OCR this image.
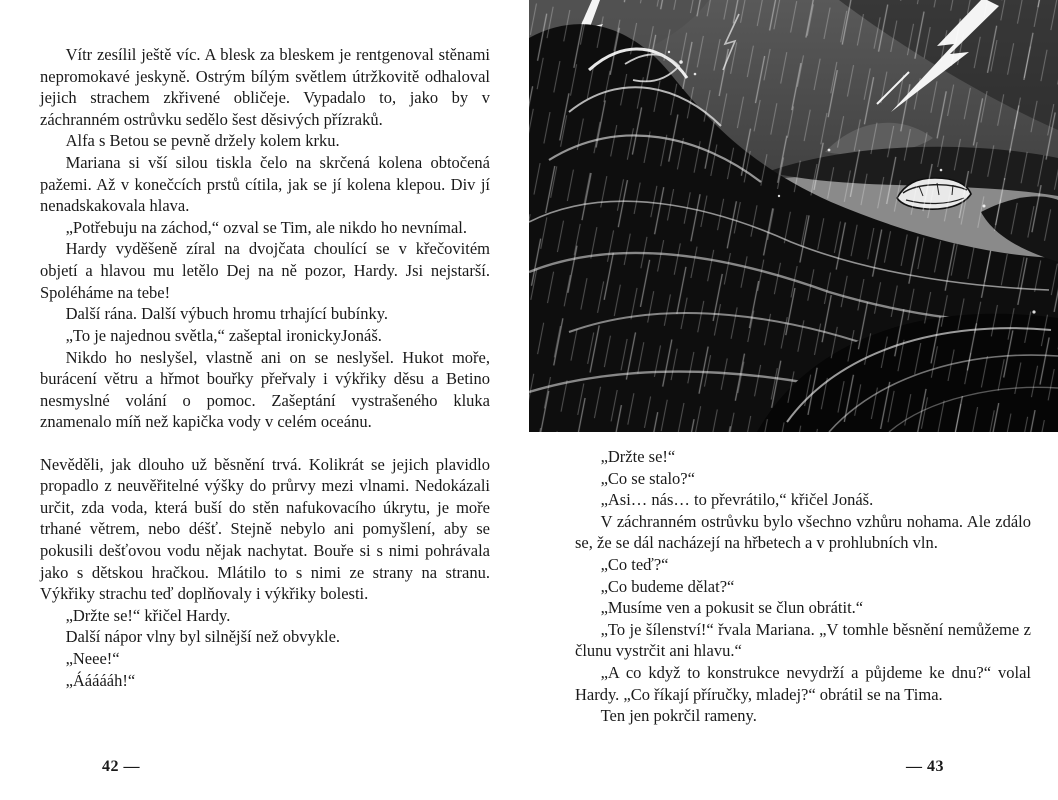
Vítr zesílil ještě víc. A blesk za bleskem je rentgenoval stěnami nepromokavé jeskyně. Ostrým bílým světlem útržkovitě odhaloval jejich strachem zkřivené obličeje. Vypadalo to, jako by v záchranném ostrůvku sedělo šest děsivých přízraků.

Alfa s Betou se pevně držely kolem krku.

Mariana si vší silou tiskla čelo na skrčená kolena obtočená pažemi. Až v konečcích prstů cítila, jak se jí kolena klepou. Div jí nenadskakovala hlava.

„Potřebuju na záchod,“ ozval se Tim, ale nikdo ho nevnímal.

Hardy vyděšeně zíral na dvojčata choulící se v křečovitém objetí a hlavou mu letělo Dej na ně pozor, Hardy. Jsi nejstarší. Spoléháme na tebe!

Další rána. Další výbuch hromu trhající bubínky.

„To je najednou světla,“ zašeptal ironickyJonáš.

Nikdo ho neslyšel, vlastně ani on se neslyšel. Hukot moře, burácení větru a hřmot bouřky přeřvaly i výkřiky děsu a Betino nesmyslné volání o pomoc. Zašeptání vystrašeného kluka znamenalo míň než kapička vody v celém oceánu.

Nevěděli, jak dlouho už běsnění trvá. Kolikrát se jejich plavidlo propadlo z neuvěřitelné výšky do průrvy mezi vlnami. Nedokázali určit, zda voda, která buší do stěn nafukovacího úkrytu, je moře trhané větrem, nebo déšť. Stejně nebylo ani pomyšlení, aby se pokusili dešťovou vodu nějak nachytat. Bouře si s nimi pohrávala jako s dětskou hračkou. Mlátilo to s nimi ze strany na stranu. Výkřiky strachu teď doplňovaly i výkřiky bolesti.

„Držte se!“ křičel Hardy.

Další nápor vlny byl silnější než obvykle.

„Neee!“

„Áááááh!“

„Držte se!“

„Co se stalo?“

„Asi… nás… to převrátilo,“ křičel Jonáš.

V záchranném ostrůvku bylo všechno vzhůru nohama. Ale zdálo se, že se dál nacházejí na hřbetech a v prohlubních vln.

„Co teď?“

„Co budeme dělat?“

„Musíme ven a pokusit se člun obrátit.“

„To je šílenství!“ řvala Mariana. „V tomhle běsnění nemůžeme z člunu vystrčit ani hlavu.“

„A co když to konstrukce nevydrží a půjdeme ke dnu?“ volal Hardy. „Co říkají příručky, mladej?“ obrátil se na Tima.

Ten jen pokrčil rameny.

42 —	— 43
